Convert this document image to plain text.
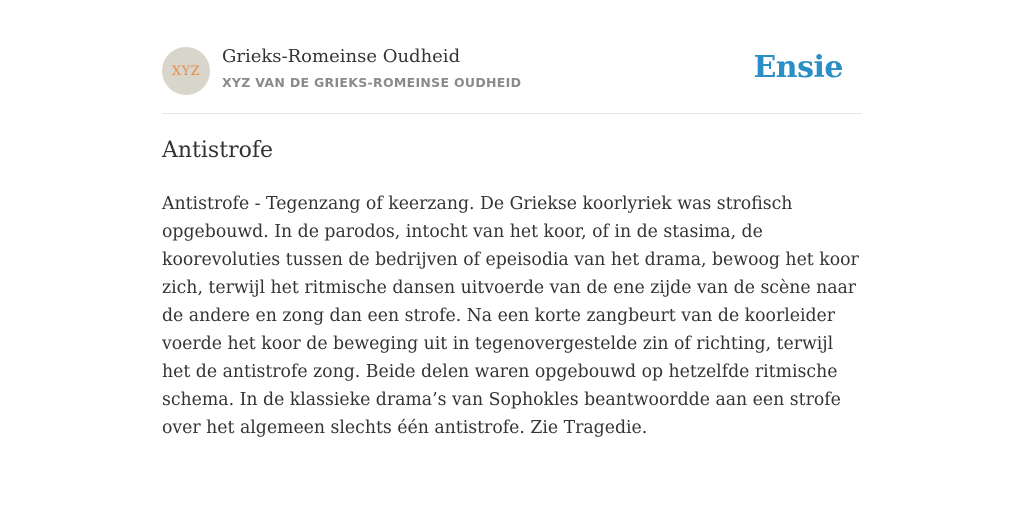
XYZ
Grieks-Romeinse Oudheid
XYZ VAN DE GRIEKS-ROMEINSE OUDHEID	Ensie
Antistrofe

Antistrofe - Tegenzang of keerzang. De Griekse koorlyriek was strofisch opgebouwd. In de parodos, intocht van het koor, of in de stasima, de koorevoluties tussen de bedrijven of epeisodia van het drama, bewoog het koor zich, terwijl het ritmische dansen uitvoerde van de ene zijde van de scène naar de andere en zong dan een strofe. Na een korte zangbeurt van de koorleider voerde het koor de beweging uit in tegenovergestelde zin of richting, terwijl het de antistrofe zong. Beide delen waren opgebouwd op hetzelfde ritmische schema. In de klassieke drama’s van Sophokles beantwoordde aan een strofe over het algemeen slechts één antistrofe. Zie Tragedie.
